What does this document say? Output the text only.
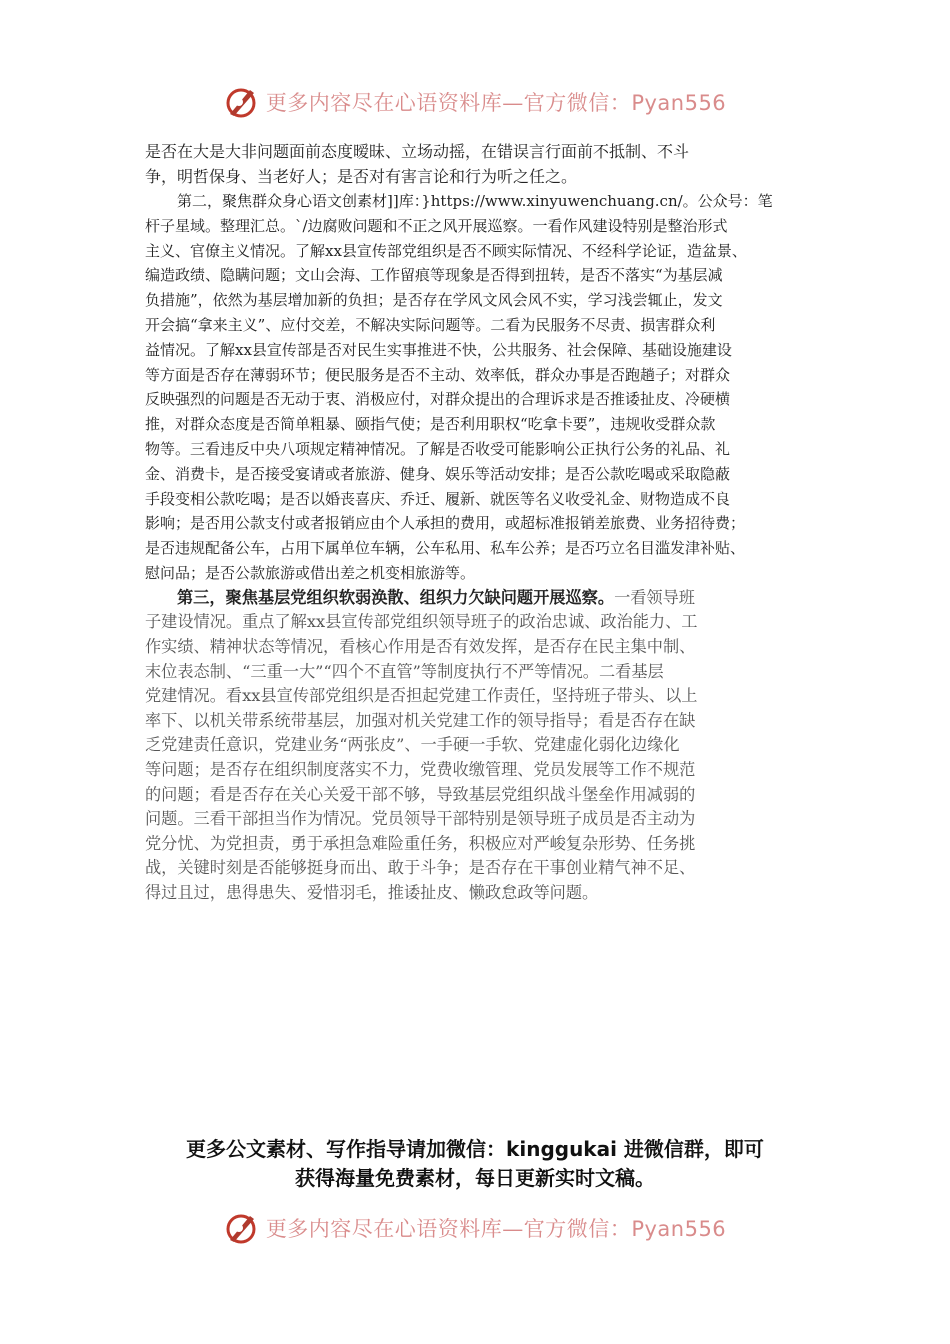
更多内容尽在心语资料库—官方微信：Pyan556
是否在大是大非问题面前态度暧昧、立场动摇，在错误言行面前不抵制、不斗
争，明哲保身、当老好人；是否对有害言论和行为听之任之。
第二，聚焦群众身心语文创素材]]库：}https://www.xinyuwenchuang.cn/。公众号：笔
杆子星域。整理汇总。`/边腐败问题和不正之风开展巡察。一看作风建设特别是整治形式
主义、官僚主义情况。了解xx县宣传部党组织是否不顾实际情况、不经科学论证，造盆景、
编造政绩、隐瞒问题；文山会海、工作留痕等现象是否得到扭转，是否不落实“为基层减
负措施”，依然为基层增加新的负担；是否存在学风文风会风不实，学习浅尝辄止，发文
开会搞“拿来主义”、应付交差，不解决实际问题等。二看为民服务不尽责、损害群众利
益情况。了解xx县宣传部是否对民生实事推进不快，公共服务、社会保障、基础设施建设
等方面是否存在薄弱环节；便民服务是否不主动、效率低，群众办事是否跑趟子；对群众
反映强烈的问题是否无动于衷、消极应付，对群众提出的合理诉求是否推诿扯皮、冷硬横
推，对群众态度是否简单粗暴、颐指气使；是否利用职权“吃拿卡要”，违规收受群众款
物等。三看违反中央八项规定精神情况。了解是否收受可能影响公正执行公务的礼品、礼
金、消费卡，是否接受宴请或者旅游、健身、娱乐等活动安排；是否公款吃喝或采取隐蔽
手段变相公款吃喝；是否以婚丧喜庆、乔迁、履新、就医等名义收受礼金、财物造成不良
影响；是否用公款支付或者报销应由个人承担的费用，或超标准报销差旅费、业务招待费；
是否违规配备公车，占用下属单位车辆，公车私用、私车公养；是否巧立名目滥发津补贴、
慰问品；是否公款旅游或借出差之机变相旅游等。
第三，聚焦基层党组织软弱涣散、组织力欠缺问题开展巡察。一看领导班
子建设情况。重点了解xx县宣传部党组织领导班子的政治忠诚、政治能力、工
作实绩、精神状态等情况，看核心作用是否有效发挥，是否存在民主集中制、
末位表态制、“三重一大”“四个不直管”等制度执行不严等情况。二看基层
党建情况。看xx县宣传部党组织是否担起党建工作责任，坚持班子带头、以上
率下、以机关带系统带基层，加强对机关党建工作的领导指导；看是否存在缺
乏党建责任意识，党建业务“两张皮”、一手硬一手软、党建虚化弱化边缘化
等问题；是否存在组织制度落实不力，党费收缴管理、党员发展等工作不规范
的问题；看是否存在关心关爱干部不够，导致基层党组织战斗堡垒作用减弱的
问题。三看干部担当作为情况。党员领导干部特别是领导班子成员是否主动为
党分忧、为党担责，勇于承担急难险重任务，积极应对严峻复杂形势、任务挑
战，关键时刻是否能够挺身而出、敢于斗争；是否存在干事创业精气神不足、
得过且过，患得患失、爱惜羽毛，推诿扯皮、懒政怠政等问题。
更多公文素材、写作指导请加微信：kinggukai 进微信群，即可
获得海量免费素材，每日更新实时文稿。
更多内容尽在心语资料库—官方微信：Pyan556
